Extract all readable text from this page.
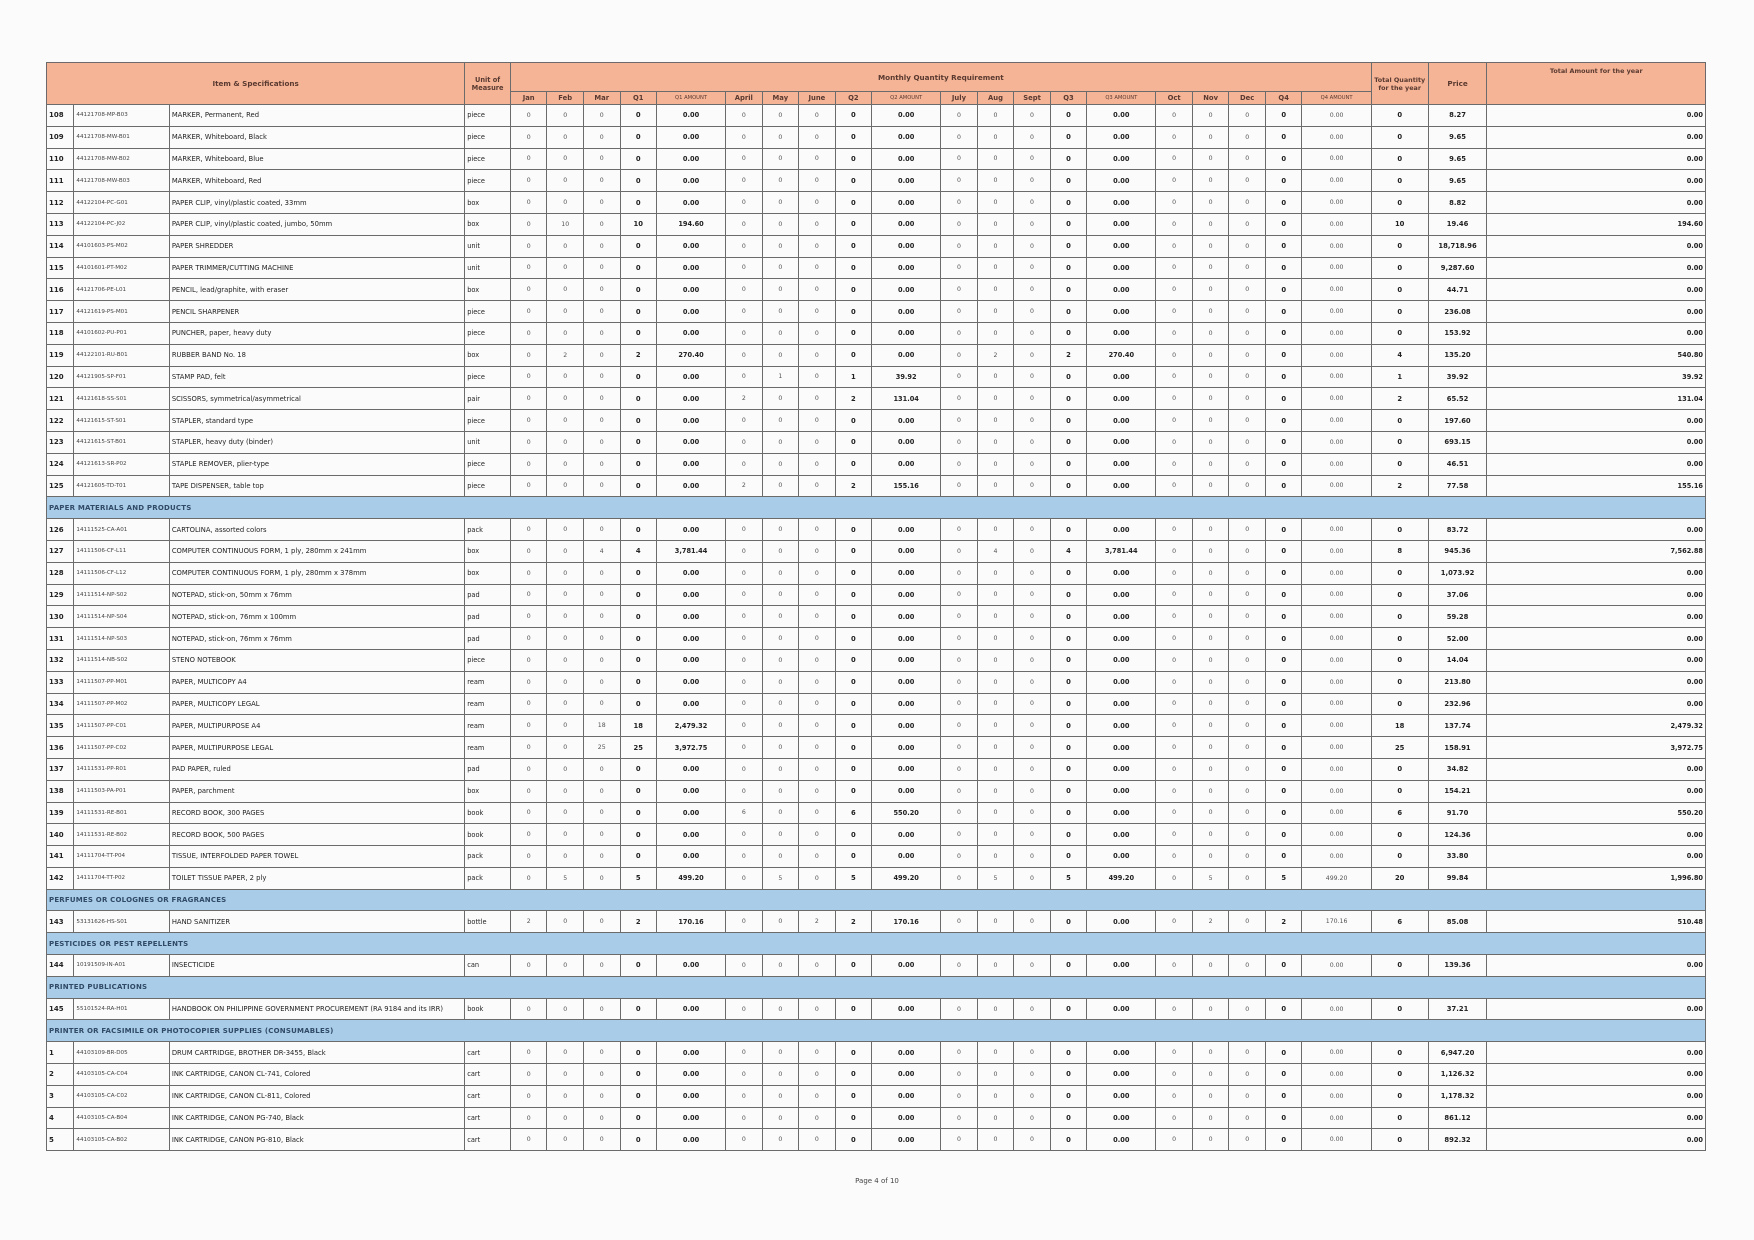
Item & Specifications			Unit of Measure	Monthly Quantity Requirement																				Total Quantity for the year	Price	Total Amount for the year
				Jan	Feb	Mar	Q1	Q1 AMOUNT	April	May	June	Q2	Q2 AMOUNT	July	Aug	Sept	Q3	Q3 AMOUNT	Oct	Nov	Dec	Q4	Q4 AMOUNT			
108	44121708-MP-B03	MARKER, Permanent, Red	piece	0	0	0	0	0.00	0	0	0	0	0.00	0	0	0	0	0.00	0	0	0	0	0.00	0	8.27	0.00
109	44121708-MW-B01	MARKER, Whiteboard, Black	piece	0	0	0	0	0.00	0	0	0	0	0.00	0	0	0	0	0.00	0	0	0	0	0.00	0	9.65	0.00
110	44121708-MW-B02	MARKER, Whiteboard, Blue	piece	0	0	0	0	0.00	0	0	0	0	0.00	0	0	0	0	0.00	0	0	0	0	0.00	0	9.65	0.00
111	44121708-MW-B03	MARKER, Whiteboard, Red	piece	0	0	0	0	0.00	0	0	0	0	0.00	0	0	0	0	0.00	0	0	0	0	0.00	0	9.65	0.00
112	44122104-PC-G01	PAPER CLIP, vinyl/plastic coated, 33mm	box	0	0	0	0	0.00	0	0	0	0	0.00	0	0	0	0	0.00	0	0	0	0	0.00	0	8.82	0.00
113	44122104-PC-J02	PAPER CLIP, vinyl/plastic coated, jumbo, 50mm	box	0	10	0	10	194.60	0	0	0	0	0.00	0	0	0	0	0.00	0	0	0	0	0.00	10	19.46	194.60
114	44101603-PS-M02	PAPER SHREDDER	unit	0	0	0	0	0.00	0	0	0	0	0.00	0	0	0	0	0.00	0	0	0	0	0.00	0	18,718.96	0.00
115	44101601-PT-M02	PAPER TRIMMER/CUTTING MACHINE	unit	0	0	0	0	0.00	0	0	0	0	0.00	0	0	0	0	0.00	0	0	0	0	0.00	0	9,287.60	0.00
116	44121706-PE-L01	PENCIL, lead/graphite, with eraser	box	0	0	0	0	0.00	0	0	0	0	0.00	0	0	0	0	0.00	0	0	0	0	0.00	0	44.71	0.00
117	44121619-PS-M01	PENCIL SHARPENER	piece	0	0	0	0	0.00	0	0	0	0	0.00	0	0	0	0	0.00	0	0	0	0	0.00	0	236.08	0.00
118	44101602-PU-P01	PUNCHER, paper, heavy duty	piece	0	0	0	0	0.00	0	0	0	0	0.00	0	0	0	0	0.00	0	0	0	0	0.00	0	153.92	0.00
119	44122101-RU-B01	RUBBER BAND No. 18	box	0	2	0	2	270.40	0	0	0	0	0.00	0	2	0	2	270.40	0	0	0	0	0.00	4	135.20	540.80
120	44121905-SP-F01	STAMP PAD, felt	piece	0	0	0	0	0.00	0	1	0	1	39.92	0	0	0	0	0.00	0	0	0	0	0.00	1	39.92	39.92
121	44121618-SS-S01	SCISSORS, symmetrical/asymmetrical	pair	0	0	0	0	0.00	2	0	0	2	131.04	0	0	0	0	0.00	0	0	0	0	0.00	2	65.52	131.04
122	44121615-ST-S01	STAPLER, standard type	piece	0	0	0	0	0.00	0	0	0	0	0.00	0	0	0	0	0.00	0	0	0	0	0.00	0	197.60	0.00
123	44121615-ST-B01	STAPLER, heavy duty (binder)	unit	0	0	0	0	0.00	0	0	0	0	0.00	0	0	0	0	0.00	0	0	0	0	0.00	0	693.15	0.00
124	44121613-SR-P02	STAPLE REMOVER, plier-type	piece	0	0	0	0	0.00	0	0	0	0	0.00	0	0	0	0	0.00	0	0	0	0	0.00	0	46.51	0.00
125	44121605-TD-T01	TAPE DISPENSER, table top	piece	0	0	0	0	0.00	2	0	0	2	155.16	0	0	0	0	0.00	0	0	0	0	0.00	2	77.58	155.16
PAPER MATERIALS AND PRODUCTS																										
126	14111525-CA-A01	CARTOLINA, assorted colors	pack	0	0	0	0	0.00	0	0	0	0	0.00	0	0	0	0	0.00	0	0	0	0	0.00	0	83.72	0.00
127	14111506-CF-L11	COMPUTER CONTINUOUS FORM, 1 ply, 280mm x 241mm	box	0	0	4	4	3,781.44	0	0	0	0	0.00	0	4	0	4	3,781.44	0	0	0	0	0.00	8	945.36	7,562.88
128	14111506-CF-L12	COMPUTER CONTINUOUS FORM, 1 ply, 280mm x 378mm	box	0	0	0	0	0.00	0	0	0	0	0.00	0	0	0	0	0.00	0	0	0	0	0.00	0	1,073.92	0.00
129	14111514-NP-S02	NOTEPAD, stick-on, 50mm x 76mm	pad	0	0	0	0	0.00	0	0	0	0	0.00	0	0	0	0	0.00	0	0	0	0	0.00	0	37.06	0.00
130	14111514-NP-S04	NOTEPAD, stick-on, 76mm x 100mm	pad	0	0	0	0	0.00	0	0	0	0	0.00	0	0	0	0	0.00	0	0	0	0	0.00	0	59.28	0.00
131	14111514-NP-S03	NOTEPAD, stick-on, 76mm x 76mm	pad	0	0	0	0	0.00	0	0	0	0	0.00	0	0	0	0	0.00	0	0	0	0	0.00	0	52.00	0.00
132	14111514-NB-S02	STENO NOTEBOOK	piece	0	0	0	0	0.00	0	0	0	0	0.00	0	0	0	0	0.00	0	0	0	0	0.00	0	14.04	0.00
133	14111507-PP-M01	PAPER, MULTICOPY A4	ream	0	0	0	0	0.00	0	0	0	0	0.00	0	0	0	0	0.00	0	0	0	0	0.00	0	213.80	0.00
134	14111507-PP-M02	PAPER, MULTICOPY LEGAL	ream	0	0	0	0	0.00	0	0	0	0	0.00	0	0	0	0	0.00	0	0	0	0	0.00	0	232.96	0.00
135	14111507-PP-C01	PAPER, MULTIPURPOSE A4	ream	0	0	18	18	2,479.32	0	0	0	0	0.00	0	0	0	0	0.00	0	0	0	0	0.00	18	137.74	2,479.32
136	14111507-PP-C02	PAPER, MULTIPURPOSE LEGAL	ream	0	0	25	25	3,972.75	0	0	0	0	0.00	0	0	0	0	0.00	0	0	0	0	0.00	25	158.91	3,972.75
137	14111531-PP-R01	PAD PAPER, ruled	pad	0	0	0	0	0.00	0	0	0	0	0.00	0	0	0	0	0.00	0	0	0	0	0.00	0	34.82	0.00
138	14111503-PA-P01	PAPER, parchment	box	0	0	0	0	0.00	0	0	0	0	0.00	0	0	0	0	0.00	0	0	0	0	0.00	0	154.21	0.00
139	14111531-RE-B01	RECORD BOOK, 300 PAGES	book	0	0	0	0	0.00	6	0	0	6	550.20	0	0	0	0	0.00	0	0	0	0	0.00	6	91.70	550.20
140	14111531-RE-B02	RECORD BOOK, 500 PAGES	book	0	0	0	0	0.00	0	0	0	0	0.00	0	0	0	0	0.00	0	0	0	0	0.00	0	124.36	0.00
141	14111704-TT-P04	TISSUE, INTERFOLDED PAPER TOWEL	pack	0	0	0	0	0.00	0	0	0	0	0.00	0	0	0	0	0.00	0	0	0	0	0.00	0	33.80	0.00
142	14111704-TT-P02	TOILET TISSUE PAPER, 2 ply	pack	0	5	0	5	499.20	0	5	0	5	499.20	0	5	0	5	499.20	0	5	0	5	499.20	20	99.84	1,996.80
PERFUMES OR COLOGNES OR FRAGRANCES																										
143	53131626-HS-S01	HAND SANITIZER	bottle	2	0	0	2	170.16	0	0	2	2	170.16	0	0	0	0	0.00	0	2	0	2	170.16	6	85.08	510.48
PESTICIDES OR PEST REPELLENTS																										
144	10191509-IN-A01	INSECTICIDE	can	0	0	0	0	0.00	0	0	0	0	0.00	0	0	0	0	0.00	0	0	0	0	0.00	0	139.36	0.00
PRINTED PUBLICATIONS																										
145	55101524-RA-H01	HANDBOOK ON PHILIPPINE GOVERNMENT PROCUREMENT (RA 9184 and its IRR)	book	0	0	0	0	0.00	0	0	0	0	0.00	0	0	0	0	0.00	0	0	0	0	0.00	0	37.21	0.00
PRINTER OR FACSIMILE OR PHOTOCOPIER SUPPLIES (CONSUMABLES)																										
1	44103109-BR-D05	DRUM CARTRIDGE, BROTHER DR-3455, Black	cart	0	0	0	0	0.00	0	0	0	0	0.00	0	0	0	0	0.00	0	0	0	0	0.00	0	6,947.20	0.00
2	44103105-CA-C04	INK CARTRIDGE, CANON CL-741, Colored	cart	0	0	0	0	0.00	0	0	0	0	0.00	0	0	0	0	0.00	0	0	0	0	0.00	0	1,126.32	0.00
3	44103105-CA-C02	INK CARTRIDGE, CANON CL-811, Colored	cart	0	0	0	0	0.00	0	0	0	0	0.00	0	0	0	0	0.00	0	0	0	0	0.00	0	1,178.32	0.00
4	44103105-CA-B04	INK CARTRIDGE, CANON PG-740, Black	cart	0	0	0	0	0.00	0	0	0	0	0.00	0	0	0	0	0.00	0	0	0	0	0.00	0	861.12	0.00
5	44103105-CA-B02	INK CARTRIDGE, CANON PG-810, Black	cart	0	0	0	0	0.00	0	0	0	0	0.00	0	0	0	0	0.00	0	0	0	0	0.00	0	892.32	0.00
Page 4 of 10
